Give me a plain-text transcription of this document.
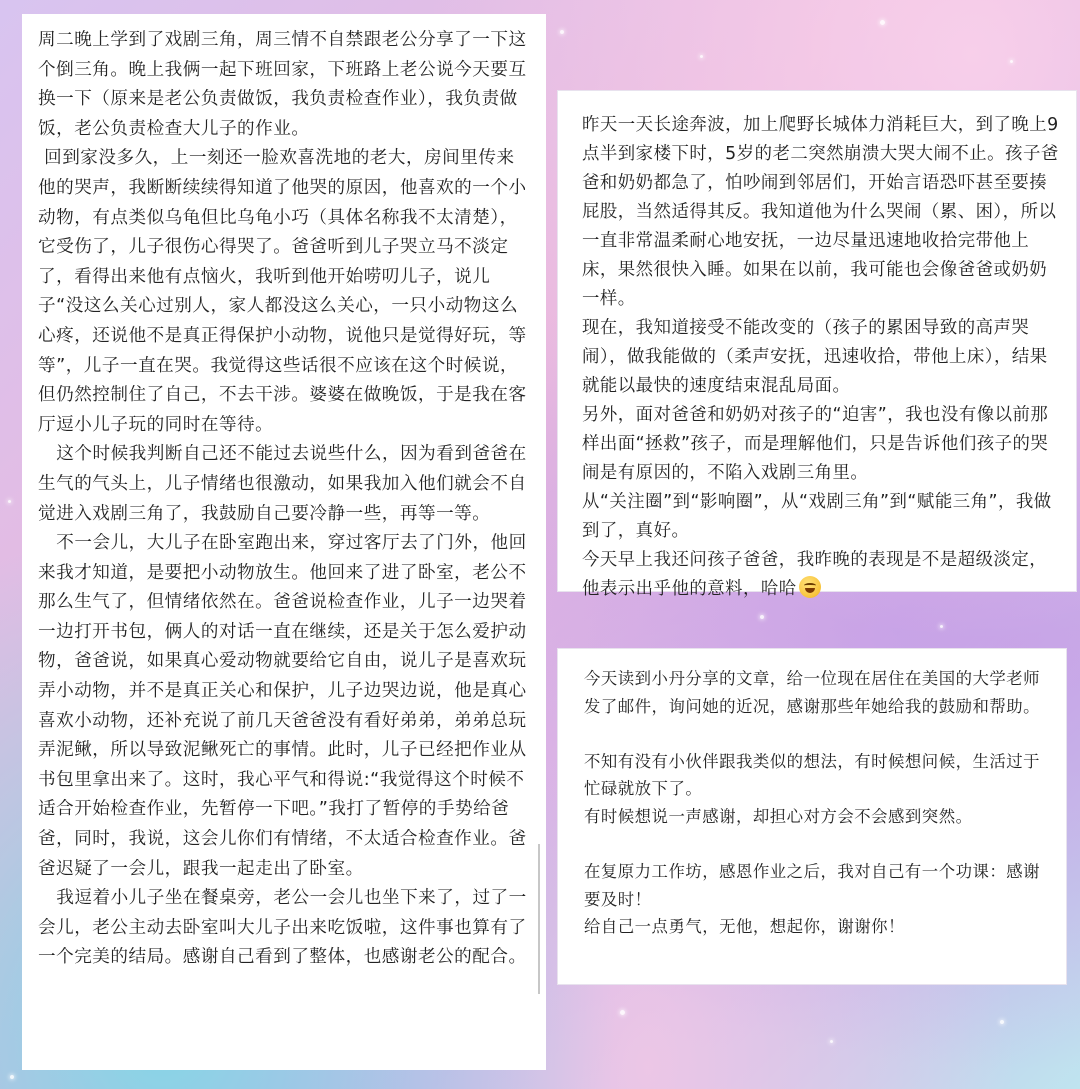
周二晚上学到了戏剧三角，周三情不自禁跟老公分享了一下这个倒三角。晚上我俩一起下班回家，下班路上老公说今天要互换一下（原来是老公负责做饭，我负责检查作业），我负责做饭，老公负责检查大儿子的作业。

回到家没多久，上一刻还一脸欢喜洗地的老大，房间里传来他的哭声，我断断续续得知道了他哭的原因，他喜欢的一个小动物，有点类似乌龟但比乌龟小巧（具体名称我不太清楚），它受伤了，儿子很伤心得哭了。爸爸听到儿子哭立马不淡定了，看得出来他有点恼火，我听到他开始唠叨儿子，说儿子“没这么关心过别人，家人都没这么关心，一只小动物这么心疼，还说他不是真正得保护小动物，说他只是觉得好玩，等等”，儿子一直在哭。我觉得这些话很不应该在这个时候说，但仍然控制住了自己，不去干涉。婆婆在做晚饭，于是我在客厅逗小儿子玩的同时在等待。

这个时候我判断自己还不能过去说些什么，因为看到爸爸在生气的气头上，儿子情绪也很激动，如果我加入他们就会不自觉进入戏剧三角了，我鼓励自己要冷静一些，再等一等。

不一会儿，大儿子在卧室跑出来，穿过客厅去了门外，他回来我才知道，是要把小动物放生。他回来了进了卧室，老公不那么生气了，但情绪依然在。爸爸说检查作业，儿子一边哭着一边打开书包，俩人的对话一直在继续，还是关于怎么爱护动物，爸爸说，如果真心爱动物就要给它自由，说儿子是喜欢玩弄小动物，并不是真正关心和保护，儿子边哭边说，他是真心喜欢小动物，还补充说了前几天爸爸没有看好弟弟，弟弟总玩弄泥鳅，所以导致泥鳅死亡的事情。此时，儿子已经把作业从书包里拿出来了。这时，我心平气和得说:“我觉得这个时候不适合开始检查作业，先暂停一下吧。”我打了暂停的手势给爸爸，同时，我说，这会儿你们有情绪，不太适合检查作业。爸爸迟疑了一会儿，跟我一起走出了卧室。

我逗着小儿子坐在餐桌旁，老公一会儿也坐下来了，过了一会儿，老公主动去卧室叫大儿子出来吃饭啦，这件事也算有了一个完美的结局。感谢自己看到了整体，也感谢老公的配合。

昨天一天长途奔波，加上爬野长城体力消耗巨大，到了晚上9点半到家楼下时，5岁的老二突然崩溃大哭大闹不止。孩子爸爸和奶奶都急了，怕吵闹到邻居们，开始言语恐吓甚至要揍屁股，当然适得其反。我知道他为什么哭闹（累、困），所以一直非常温柔耐心地安抚，一边尽量迅速地收拾完带他上床，果然很快入睡。如果在以前，我可能也会像爸爸或奶奶一样。

现在，我知道接受不能改变的（孩子的累困导致的高声哭闹），做我能做的（柔声安抚，迅速收拾，带他上床），结果就能以最快的速度结束混乱局面。

另外，面对爸爸和奶奶对孩子的“迫害”，我也没有像以前那样出面“拯救”孩子，而是理解他们，只是告诉他们孩子的哭闹是有原因的，不陷入戏剧三角里。

从“关注圈”到“影响圈”，从“戏剧三角”到“赋能三角”，我做到了，真好。

今天早上我还问孩子爸爸，我昨晚的表现是不是超级淡定，他表示出乎他的意料，哈哈

今天读到小丹分享的文章，给一位现在居住在美国的大学老师发了邮件，询问她的近况，感谢那些年她给我的鼓励和帮助。

不知有没有小伙伴跟我类似的想法，有时候想问候，生活过于忙碌就放下了。

有时候想说一声感谢，却担心对方会不会感到突然。

在复原力工作坊，感恩作业之后，我对自己有一个功课：感谢要及时！

给自己一点勇气，无他，想起你，谢谢你！
